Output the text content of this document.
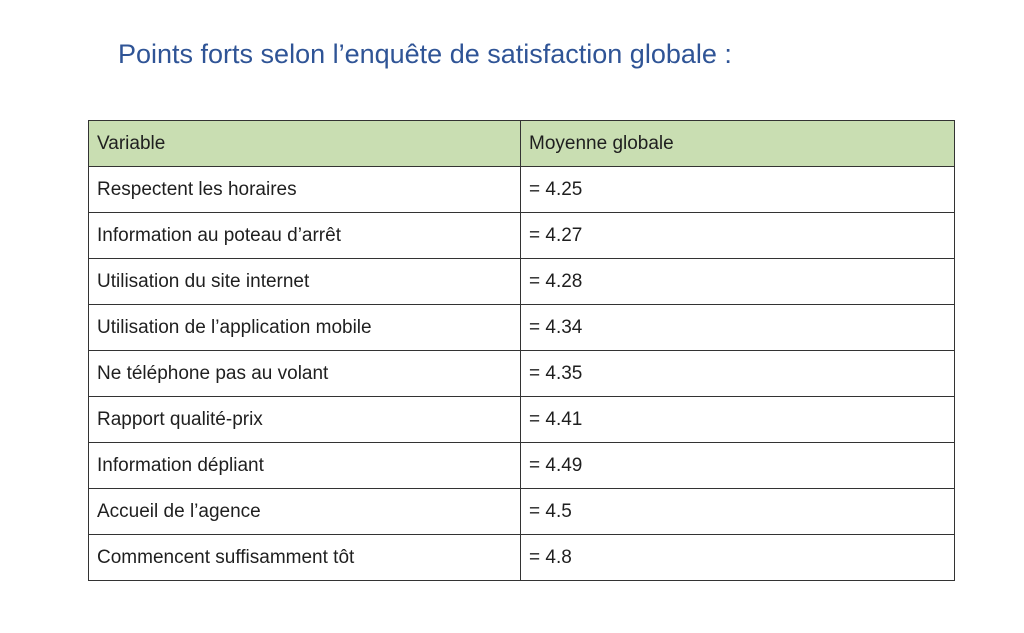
Points forts selon l’enquête de satisfaction globale :
Variable	Moyenne globale
Respectent les horaires	= 4.25
Information au poteau d’arrêt	= 4.27
Utilisation du site internet	= 4.28
Utilisation de l’application mobile	= 4.34
Ne téléphone pas au volant	= 4.35
Rapport qualité-prix	= 4.41
Information dépliant	= 4.49
Accueil de l’agence	= 4.5
Commencent suffisamment tôt	= 4.8
